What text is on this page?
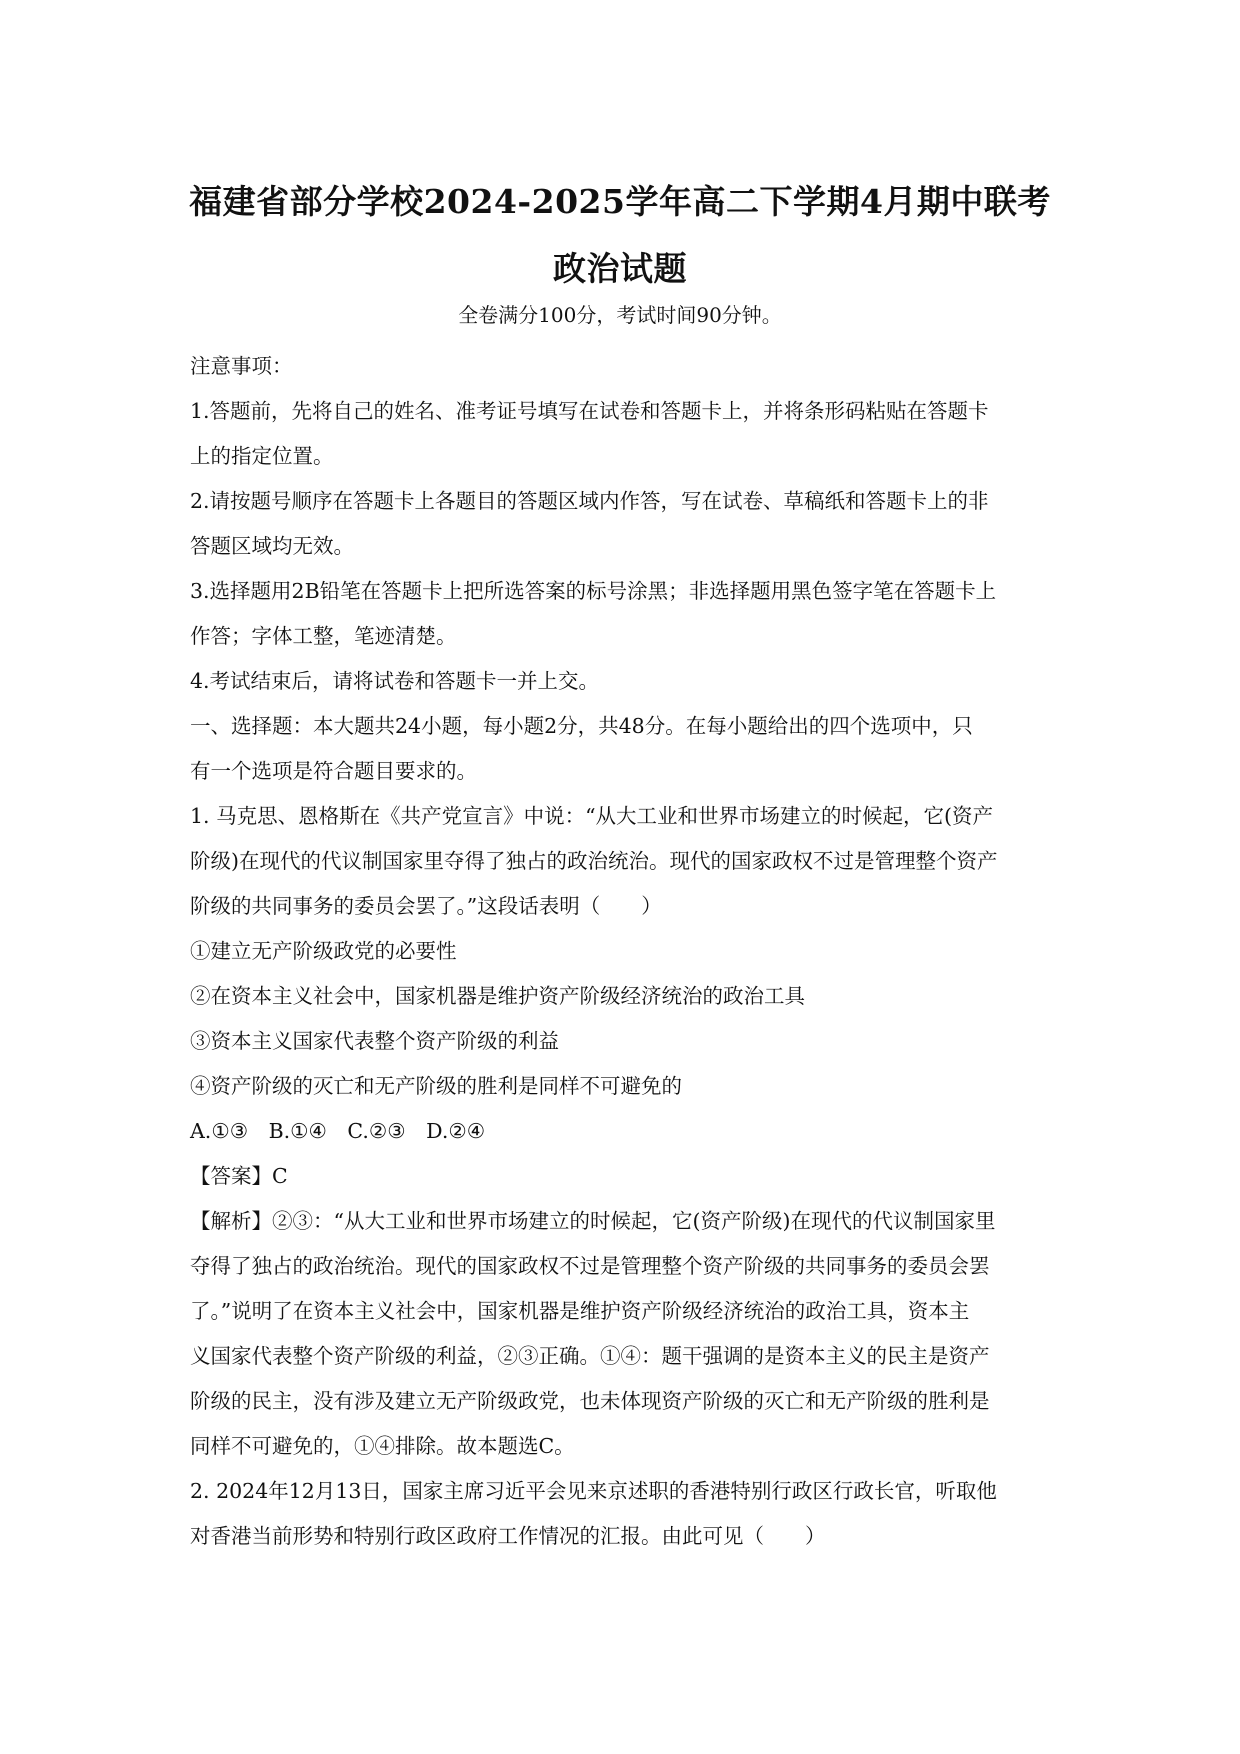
福建省部分学校2024-2025学年高二下学期4月期中联考
政治试题
全卷满分100分，考试时间90分钟。
注意事项：
1.答题前，先将自己的姓名、准考证号填写在试卷和答题卡上，并将条形码粘贴在答题卡
上的指定位置。
2.请按题号顺序在答题卡上各题目的答题区域内作答，写在试卷、草稿纸和答题卡上的非
答题区域均无效。
3.选择题用2B铅笔在答题卡上把所选答案的标号涂黑；非选择题用黑色签字笔在答题卡上
作答；字体工整，笔迹清楚。
4.考试结束后，请将试卷和答题卡一并上交。
一、选择题：本大题共24小题，每小题2分，共48分。在每小题给出的四个选项中，只
有一个选项是符合题目要求的。
1. 马克思、恩格斯在《共产党宣言》中说：“从大工业和世界市场建立的时候起，它(资产
阶级)在现代的代议制国家里夺得了独占的政治统治。现代的国家政权不过是管理整个资产
阶级的共同事务的委员会罢了。”这段话表明（　　）
①建立无产阶级政党的必要性
②在资本主义社会中，国家机器是维护资产阶级经济统治的政治工具
③资本主义国家代表整个资产阶级的利益
④资产阶级的灭亡和无产阶级的胜利是同样不可避免的
A.①③　B.①④　C.②③　D.②④
【答案】C
【解析】②③：“从大工业和世界市场建立的时候起，它(资产阶级)在现代的代议制国家里
夺得了独占的政治统治。现代的国家政权不过是管理整个资产阶级的共同事务的委员会罢
了。”说明了在资本主义社会中，国家机器是维护资产阶级经济统治的政治工具，资本主
义国家代表整个资产阶级的利益，②③正确。①④：题干强调的是资本主义的民主是资产
阶级的民主，没有涉及建立无产阶级政党，也未体现资产阶级的灭亡和无产阶级的胜利是
同样不可避免的，①④排除。故本题选C。
2. 2024年12月13日，国家主席习近平会见来京述职的香港特别行政区行政长官，听取他
对香港当前形势和特别行政区政府工作情况的汇报。由此可见（　　）
